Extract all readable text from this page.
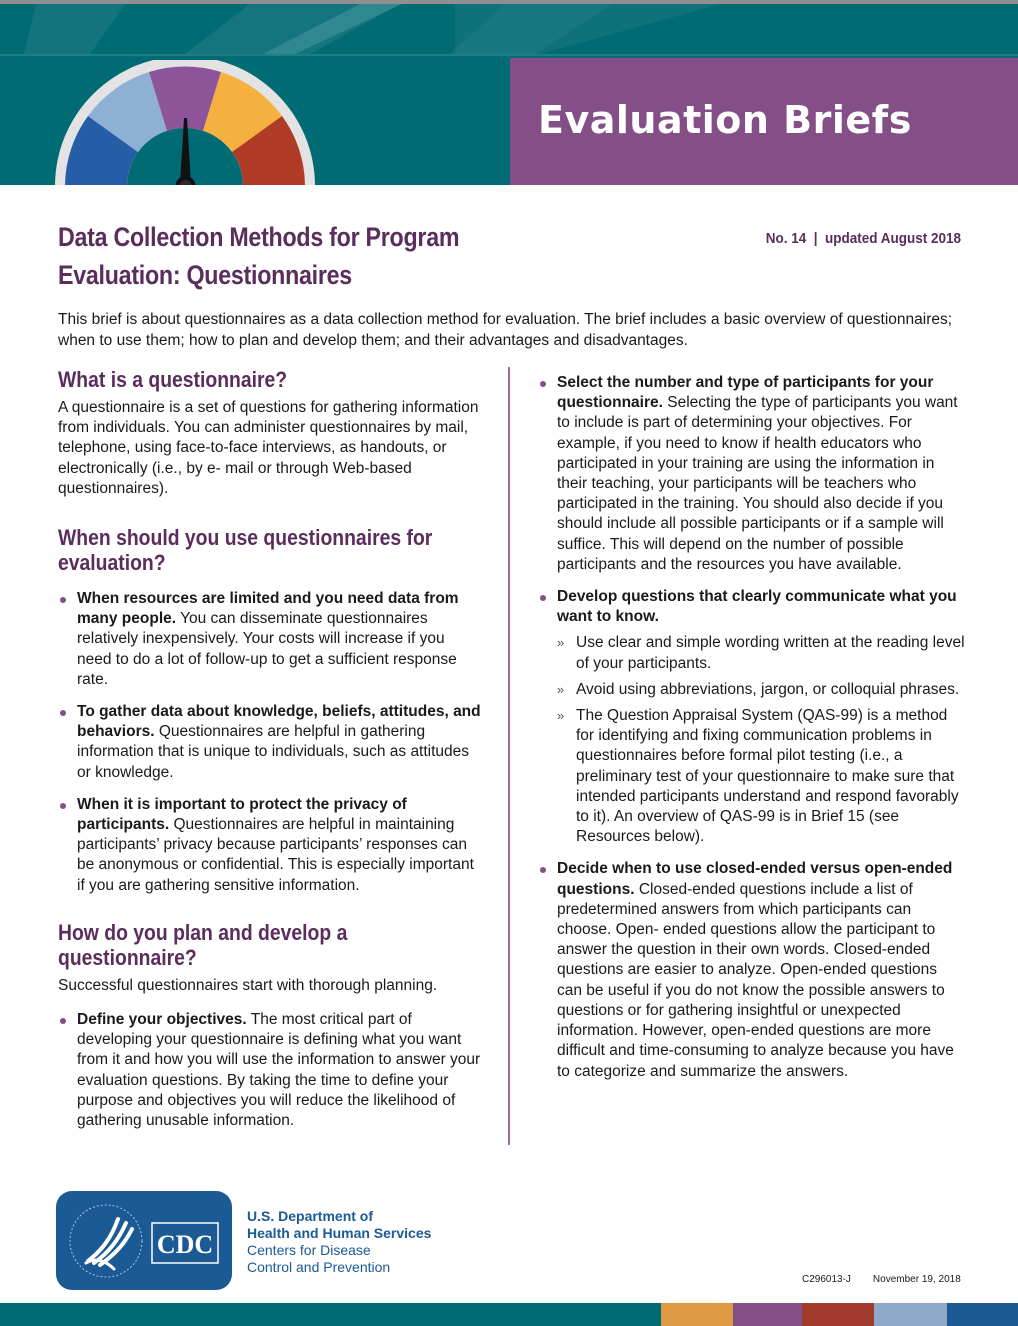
Evaluation Briefs
Data Collection Methods for Program
Evaluation: Questionnaires
No. 14  |  updated August 2018

This brief is about questionnaires as a data collection method for evaluation. The brief includes a basic overview of questionnaires; when to use them; how to plan and develop them; and their advantages and disadvantages.

What is a questionnaire?

A questionnaire is a set of questions for gathering information from individuals. You can administer questionnaires by mail, telephone, using face-to-face interviews, as handouts, or electronically (i.e., by e- mail or through Web-based questionnaires).

When should you use questionnaires for evaluation?
When resources are limited and you need data from many people. You can disseminate questionnaires relatively inexpensively. Your costs will increase if you need to do a lot of follow-up to get a sufficient response rate.
To gather data about knowledge, beliefs, attitudes, and behaviors. Questionnaires are helpful in gathering information that is unique to individuals, such as attitudes or knowledge.
When it is important to protect the privacy of participants. Questionnaires are helpful in maintaining participants’ privacy because participants’ responses can be anonymous or confidential. This is especially important if you are gathering sensitive information.
How do you plan and develop a questionnaire?

Successful questionnaires start with thorough planning.

Define your objectives. The most critical part of developing your questionnaire is defining what you want from it and how you will use the information to answer your evaluation questions. By taking the time to define your purpose and objectives you will reduce the likelihood of gathering unusable information.
Select the number and type of participants for your questionnaire. Selecting the type of participants you want to include is part of determining your objectives. For example, if you need to know if health educators who participated in your training are using the information in their teaching, your participants will be teachers who participated in the training. You should also decide if you should include all possible participants or if a sample will suffice. This will depend on the number of possible participants and the resources you have available.
Develop questions that clearly communicate what you want to know.
» Use clear and simple wording written at the reading level of your participants.
» Avoid using abbreviations, jargon, or colloquial phrases.
» The Question Appraisal System (QAS-99) is a method for identifying and fixing communication problems in questionnaires before formal pilot testing (i.e., a preliminary test of your questionnaire to make sure that intended participants understand and respond favorably to it). An overview of QAS-99 is in Brief 15 (see Resources below).
Decide when to use closed-ended versus open-ended questions. Closed-ended questions include a list of predetermined answers from which participants can choose. Open- ended questions allow the participant to answer the question in their own words. Closed-ended questions are easier to analyze. Open-ended questions can be useful if you do not know the possible answers to questions or for gathering insightful or unexpected information. However, open-ended questions are more difficult and time-consuming to analyze because you have to categorize and summarize the answers.
CDC
U.S. Department of
Health and Human Services
Centers for Disease
Control and Prevention
C296013-J November 19, 2018
